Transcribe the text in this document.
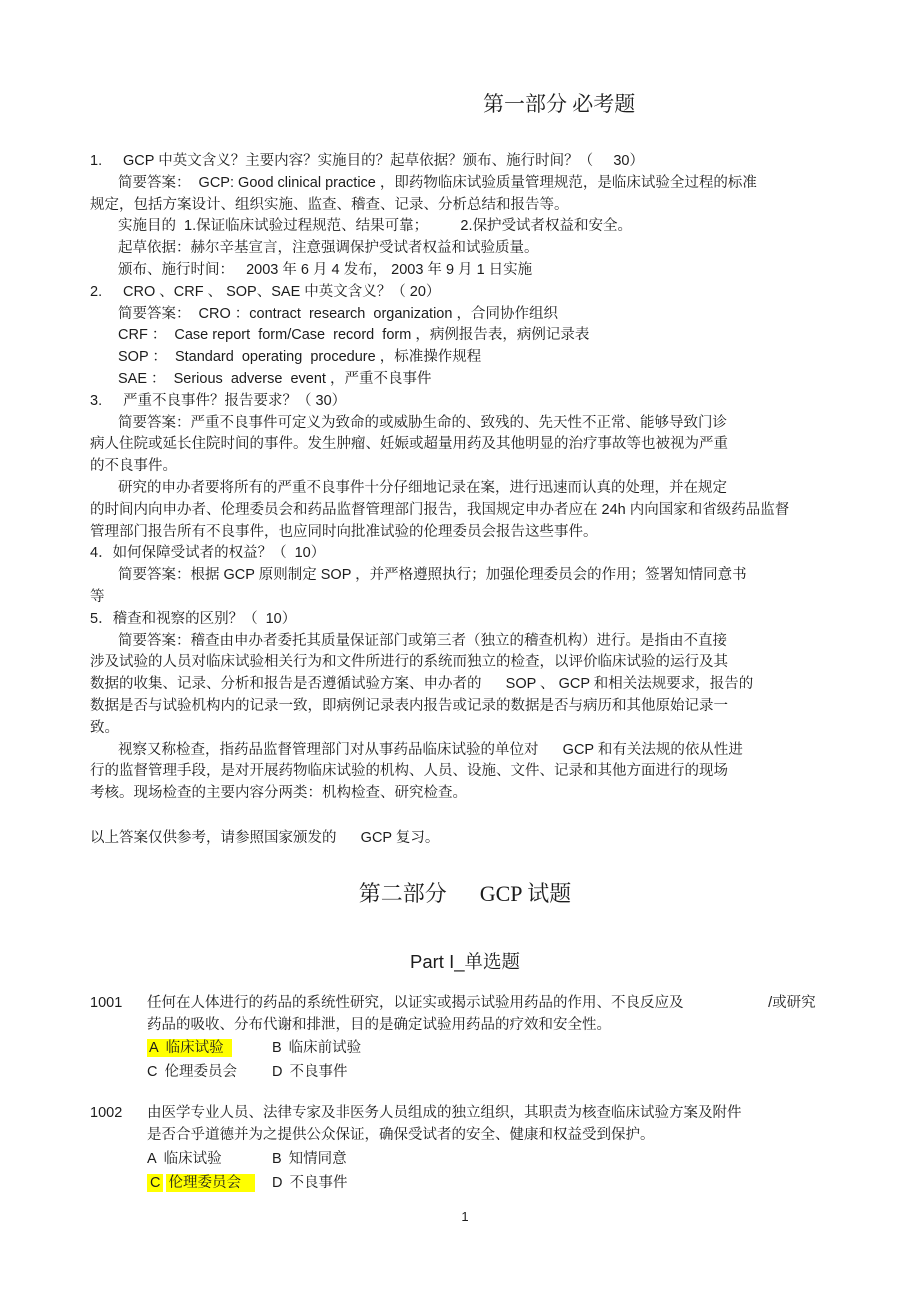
第一部分 必考题
1.	GCP 中英文含义？主要内容？实施目的？起草依据？颁布、施行时间？（     30）
简要答案：  GCP: Good clinical practice ，即药物临床试验质量管理规范，是临床试验全过程的标准
规定，包括方案设计、组织实施、监查、稽查、记录、分析总结和报告等。
实施目的  1.保证临床试验过程规范、结果可靠；        2.保护受试者权益和安全。
起草依据：赫尔辛基宣言，注意强调保护受试者权益和试验质量。
颁布、施行时间：   2003 年 6 月 4 发布， 2003 年 9 月 1 日实施
2.	CRO 、CRF 、 SOP、SAE 中英文含义？（ 20）
简要答案：  CRO ：contract  research  organization ，合同协作组织
CRF ：  Case report  form/Case  record  form ，病例报告表，病例记录表
SOP ：  Standard  operating  procedure ，标准操作规程
SAE ：  Serious  adverse  event ，严重不良事件
3.	严重不良事件？报告要求？（ 30）
简要答案：严重不良事件可定义为致命的或威胁生命的、致残的、先天性不正常、能够导致门诊
病人住院或延长住院时间的事件。发生肿瘤、妊娠或超量用药及其他明显的治疗事故等也被视为严重
的不良事件。
研究的申办者要将所有的严重不良事件十分仔细地记录在案，进行迅速而认真的处理，并在规定
的时间内向申办者、伦理委员会和药品监督管理部门报告，我国规定申办者应在 24h 内向国家和省级药品监督
管理部门报告所有不良事件，也应同时向批准试验的伦理委员会报告这些事件。
4．如何保障受试者的权益？（  10）
简要答案：根据 GCP 原则制定 SOP ，并严格遵照执行；加强伦理委员会的作用；签署知情同意书
等
5．稽查和视察的区别？（  10）
简要答案：稽查由申办者委托其质量保证部门或第三者（独立的稽查机构）进行。是指由不直接
涉及试验的人员对临床试验相关行为和文件所进行的系统而独立的检查，以评价临床试验的运行及其
数据的收集、记录、分析和报告是否遵循试验方案、申办者的      SOP 、 GCP 和相关法规要求，报告的
数据是否与试验机构内的记录一致，即病例记录表内报告或记录的数据是否与病历和其他原始记录一
致。
视察又称检查，指药品监督管理部门对从事药品临床试验的单位对      GCP 和有关法规的依从性进
行的监督管理手段，是对开展药物临床试验的机构、人员、设施、文件、记录和其他方面进行的现场
考核。现场检查的主要内容分两类：机构检查、研究检查。
以上答案仅供参考，请参照国家颁发的      GCP 复习。
第二部分      GCP 试题
Part I_单选题
1001	任何在人体进行的药品的系统性研究，以证实或揭示试验用药品的作用、不良反应及                     /或研究
药品的吸收、分布代谢和排泄，目的是确定试验用药品的疗效和安全性。
A 临床试验	B 临床前试验
C 伦理委员会	D 不良事件
1002	由医学专业人员、法律专家及非医务人员组成的独立组织，其职责为核查临床试验方案及附件
是否合乎道德并为之提供公众保证，确保受试者的安全、健康和权益受到保护。
A 临床试验	B 知情同意
C 伦理委员会	D 不良事件
1
